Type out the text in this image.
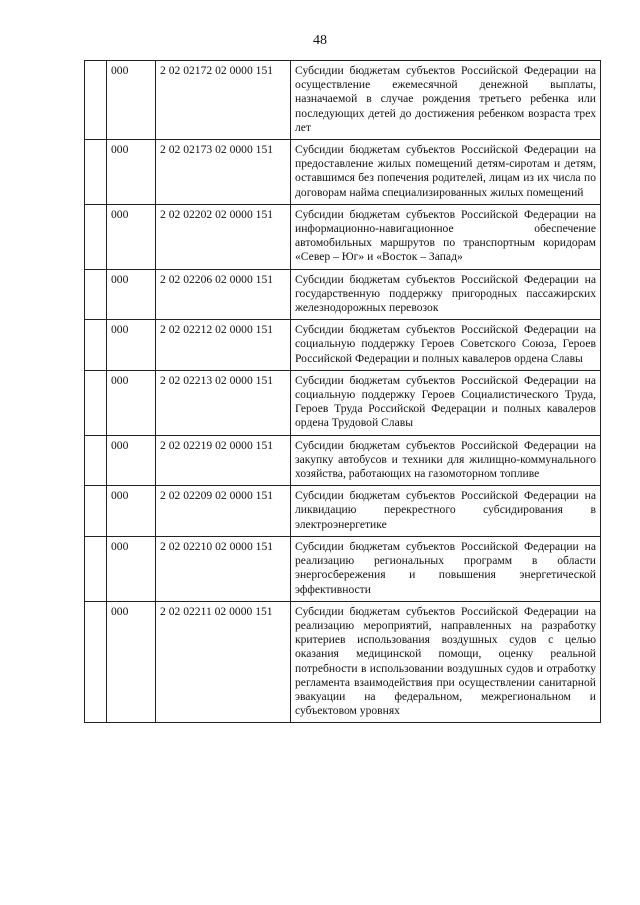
48
	000	2 02 02172 02 0000 151	Субсидии бюджетам субъектов Российской Федерации на осуществление ежемесячной денежной выплаты, назначаемой в случае рождения третьего ребенка или последующих детей до достижения ребенком возраста трех лет
	000	2 02 02173 02 0000 151	Субсидии бюджетам субъектов Российской Федерации на предоставление жилых помещений детям-сиротам и детям, оставшимся без попечения родителей, лицам из их числа по договорам найма специализированных жилых помещений
	000	2 02 02202 02 0000 151	Субсидии бюджетам субъектов Российской Федерации на информационно-навигационное обеспечение автомобильных маршрутов по транспортным коридорам «Север – Юг» и «Восток – Запад»
	000	2 02 02206 02 0000 151	Субсидии бюджетам субъектов Российской Федерации на государственную поддержку пригородных пассажирских железнодорожных перевозок
	000	2 02 02212 02 0000 151	Субсидии бюджетам субъектов Российской Федерации на социальную поддержку Героев Советского Союза, Героев Российской Федерации и полных кавалеров ордена Славы
	000	2 02 02213 02 0000 151	Субсидии бюджетам субъектов Российской Федерации на социальную поддержку Героев Социалистического Труда, Героев Труда Российской Федерации и полных кавалеров ордена Трудовой Славы
	000	2 02 02219 02 0000 151	Субсидии бюджетам субъектов Российской Федерации на закупку автобусов и техники для жилищно-коммунального хозяйства, работающих на газомоторном топливе
	000	2 02 02209 02 0000 151	Субсидии бюджетам субъектов Российской Федерации на ликвидацию перекрестного субсидирования в электроэнергетике
	000	2 02 02210 02 0000 151	Субсидии бюджетам субъектов Российской Федерации на реализацию региональных программ в области энергосбережения и повышения энергетической эффективности
	000	2 02 02211 02 0000 151	Субсидии бюджетам субъектов Российской Федерации на реализацию мероприятий, направленных на разработку критериев использования воздушных судов с целью оказания медицинской помощи, оценку реальной потребности в использовании воздушных судов и отработку регламента взаимодействия при осуществлении санитарной эвакуации на федеральном, межрегиональном и субъектовом уровнях
